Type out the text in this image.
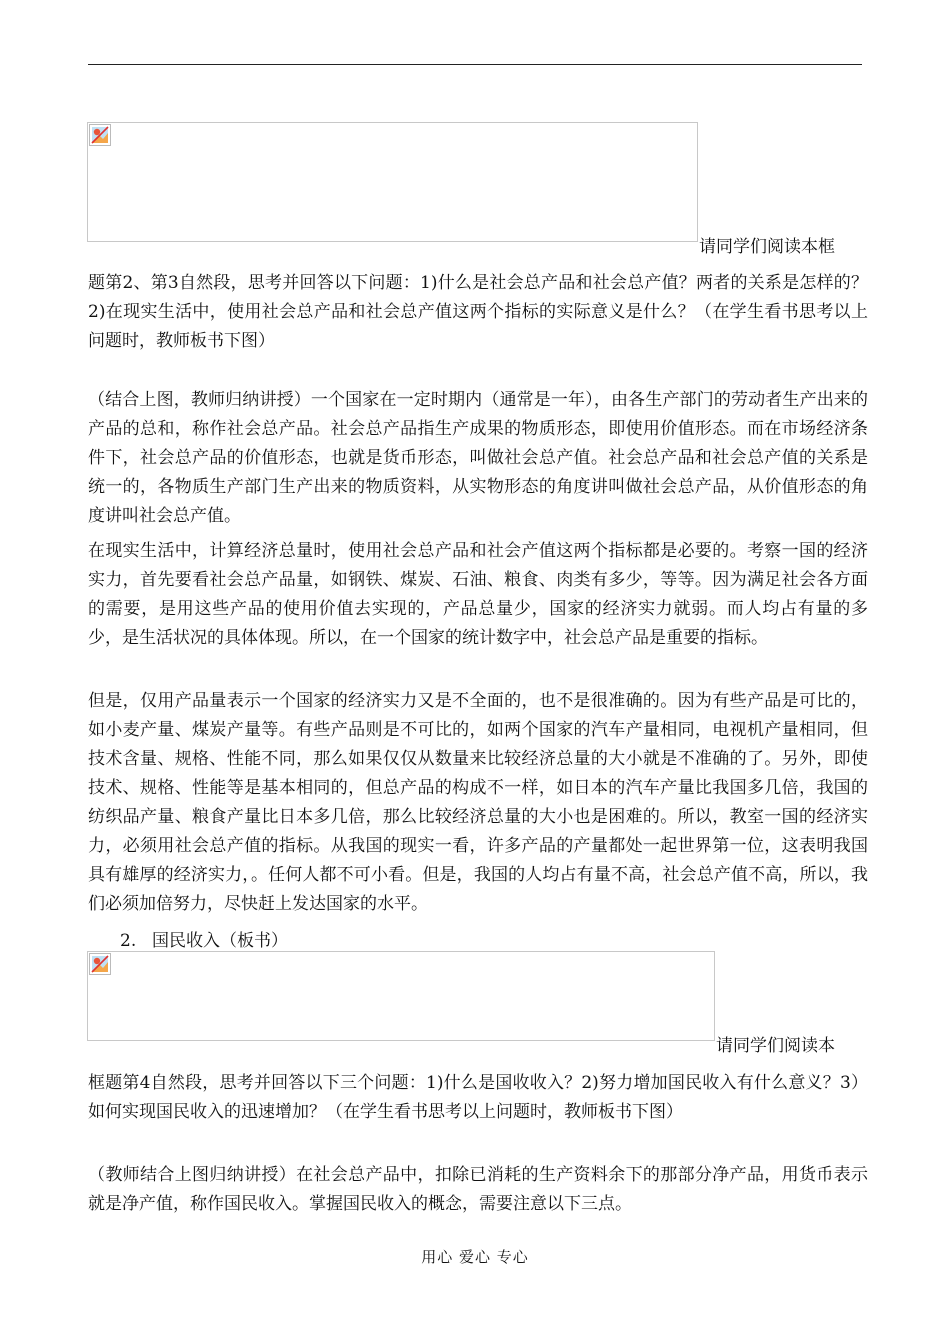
请同学们阅读本框

题第2、第3自然段，思考并回答以下问题：1)什么是社会总产品和社会总产值？两者的关系是怎样的？2)在现实生活中，使用社会总产品和社会总产值这两个指标的实际意义是什么？（在学生看书思考以上问题时，教师板书下图）

（结合上图，教师归纳讲授）一个国家在一定时期内（通常是一年），由各生产部门的劳动者生产出来的产品的总和，称作社会总产品。社会总产品指生产成果的物质形态，即使用价值形态。而在市场经济条件下，社会总产品的价值形态，也就是货币形态，叫做社会总产值。社会总产品和社会总产值的关系是统一的，各物质生产部门生产出来的物质资料，从实物形态的角度讲叫做社会总产品，从价值形态的角度讲叫社会总产值。

在现实生活中，计算经济总量时，使用社会总产品和社会产值这两个指标都是必要的。考察一国的经济实力，首先要看社会总产品量，如钢铁、煤炭、石油、粮食、肉类有多少，等等。因为满足社会各方面的需要，是用这些产品的使用价值去实现的，产品总量少，国家的经济实力就弱。而人均占有量的多少，是生活状况的具体体现。所以，在一个国家的统计数字中，社会总产品是重要的指标。

但是，仅用产品量表示一个国家的经济实力又是不全面的，也不是很准确的。因为有些产品是可比的，如小麦产量、煤炭产量等。有些产品则是不可比的，如两个国家的汽车产量相同，电视机产量相同，但技术含量、规格、性能不同，那么如果仅仅从数量来比较经济总量的大小就是不准确的了。另外，即使技术、规格、性能等是基本相同的，但总产品的构成不一样，如日本的汽车产量比我国多几倍，我国的纺织品产量、粮食产量比日本多几倍，那么比较经济总量的大小也是困难的。所以，教室一国的经济实力，必须用社会总产值的指标。从我国的现实一看，许多产品的产量都处一起世界第一位，这表明我国具有雄厚的经济实力，。任何人都不可小看。但是，我国的人均占有量不高，社会总产值不高，所以，我们必须加倍努力，尽快赶上发达国家的水平。

2. 国民收入（板书）
请同学们阅读本

框题第4自然段，思考并回答以下三个问题：1)什么是国收收入？2)努力增加国民收入有什么意义？3）如何实现国民收入的迅速增加？（在学生看书思考以上问题时，教师板书下图）

（教师结合上图归纳讲授）在社会总产品中，扣除已消耗的生产资料余下的那部分净产品，用货币表示就是净产值，称作国民收入。掌握国民收入的概念，需要注意以下三点。

用心 爱心 专心
